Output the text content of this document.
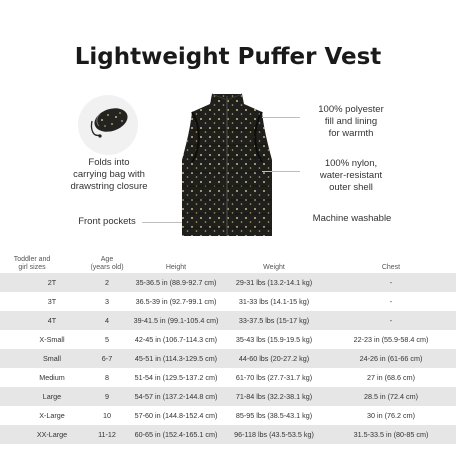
Lightweight Puffer Vest
100% polyester
fill and lining
for warmth
Folds into
carrying bag with
drawstring closure
100% nylon,
water-resistant
outer shell
Front pockets	Machine washable
Toddler and
girl sizes
Age
(years old)	Height	Weight	Chest
2T	2	35-36.5 in (88.9-92.7 cm)	29-31 lbs (13.2-14.1 kg)	-
3T	3	36.5-39 in (92.7-99.1 cm)	31-33 lbs (14.1-15 kg)	-
4T	4	39-41.5 in (99.1-105.4 cm)	33-37.5 lbs (15-17 kg)	-
X-Small	5	42-45 in (106.7-114.3 cm)	35-43 lbs (15.9-19.5 kg)	22-23 in (55.9-58.4 cm)
Small	6-7	45-51 in (114.3-129.5 cm)	44-60 lbs (20-27.2 kg)	24-26 in (61-66 cm)
Medium	8	51-54 in (129.5-137.2 cm)	61-70 lbs (27.7-31.7 kg)	27 in (68.6 cm)
Large	9	54-57 in (137.2-144.8 cm)	71-84 lbs (32.2-38.1 kg)	28.5 in (72.4 cm)
X-Large	10	57-60 in (144.8-152.4 cm)	85-95 lbs (38.5-43.1 kg)	30 in (76.2 cm)
XX-Large	11-12	60-65 in (152.4-165.1 cm)	96-118 lbs (43.5-53.5 kg)	31.5-33.5 in (80-85 cm)
